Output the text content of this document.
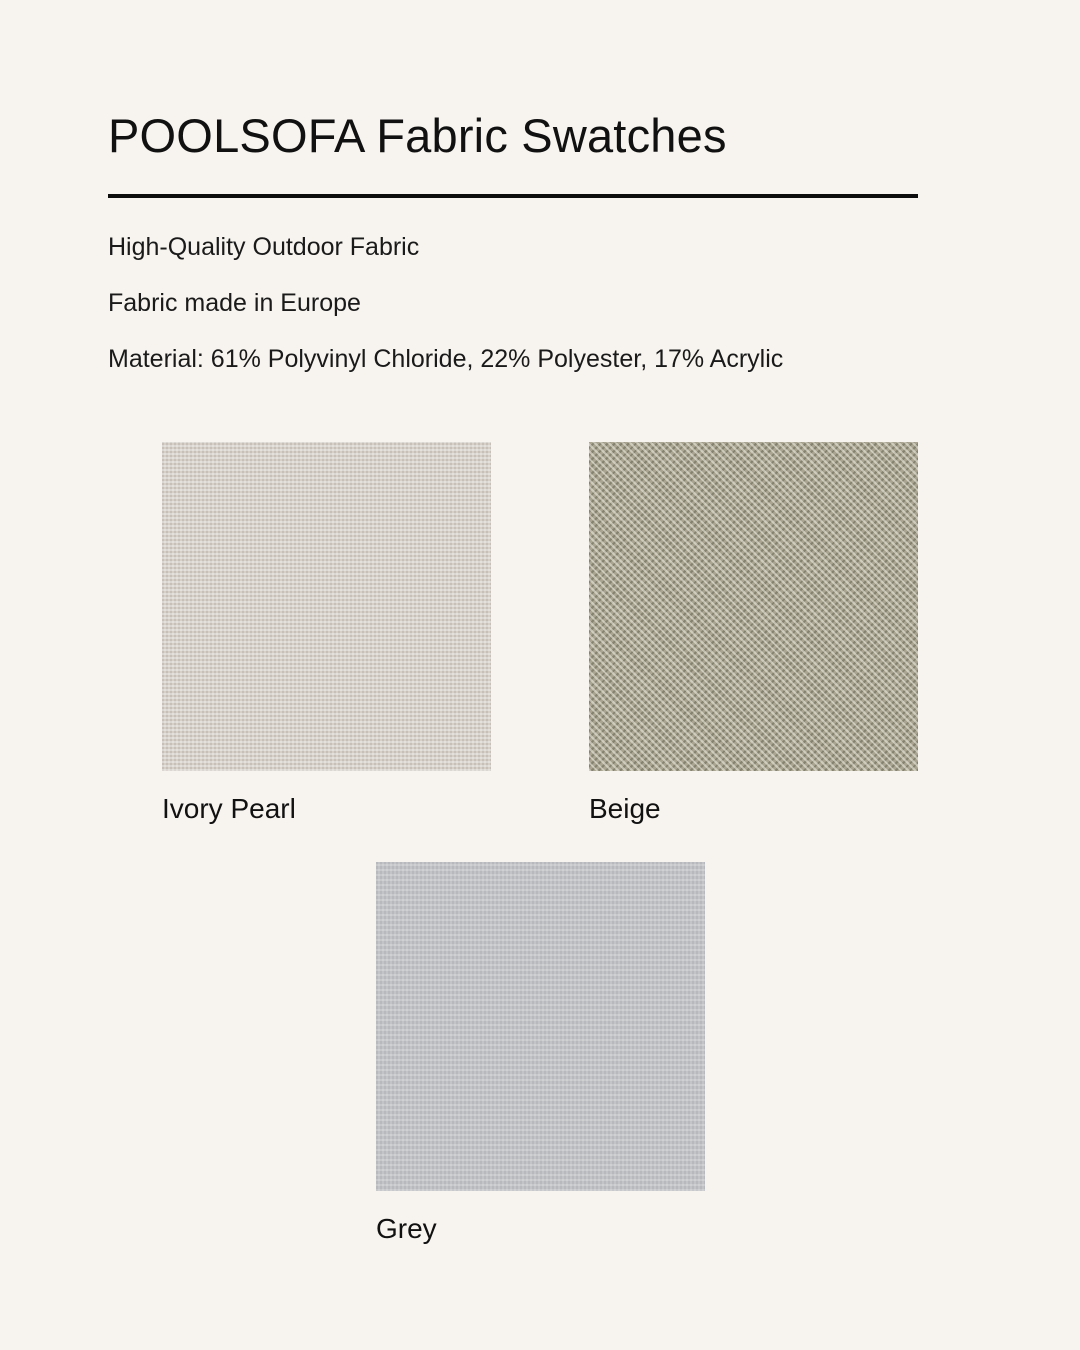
POOLSOFA Fabric Swatches
High-Quality Outdoor Fabric
Fabric made in Europe
Material: 61% Polyvinyl Chloride, 22% Polyester, 17% Acrylic
Ivory Pearl	Beige
Grey
